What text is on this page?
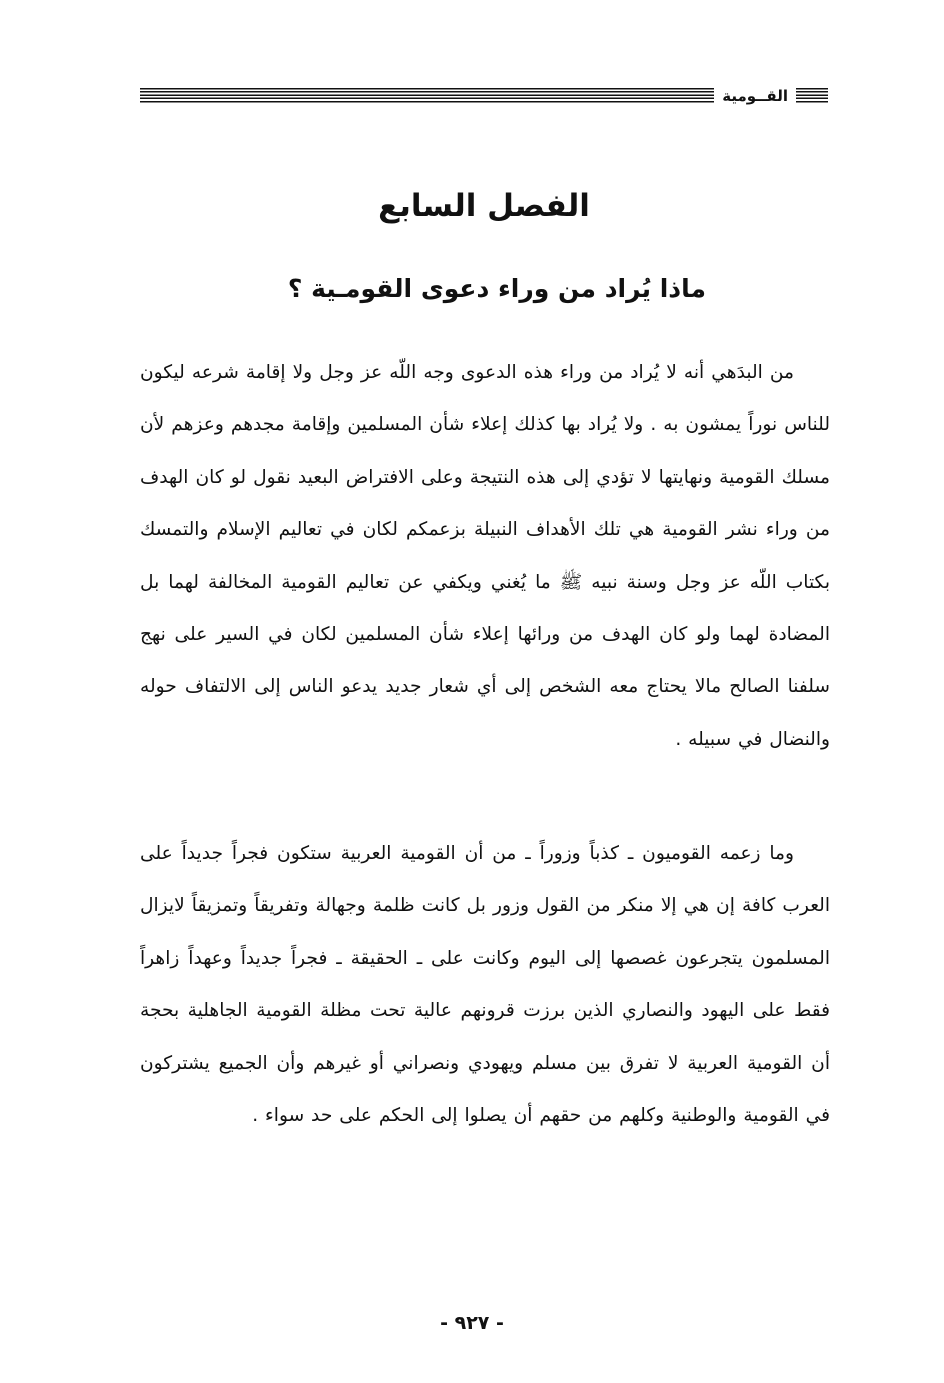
القــومية
الفصل السابع
ماذا يُراد من وراء دعوى القومـية ؟

من البدَهي أنه لا يُراد من وراء هذه الدعوى وجه اللّه عز وجل ولا إقامة شرعه ليكون للناس نوراً يمشون به . ولا يُراد بها كذلك إعلاء شأن المسلمين وإقامة مجدهم وعزهم لأن مسلك القومية ونهايتها لا تؤدي إلى هذه النتيجة وعلى الافتراض البعيد نقول لو كان الهدف من وراء نشر القومية هي تلك الأهداف النبيلة بزعمكم لكان في تعاليم الإسلام والتمسك بكتاب اللّه عز وجل وسنة نبيه ﷺ ما يُغني ويكفي عن تعاليم القومية المخالفة لهما بل المضادة لهما ولو كان الهدف من ورائها إعلاء شأن المسلمين لكان في السير على نهج سلفنا الصالح مالا يحتاج معه الشخص إلى أي شعار جديد يدعو الناس إلى الالتفاف حوله والنضال في سبيله .

وما زعمه القوميون ـ كذباً وزوراً ـ من أن القومية العربية ستكون فجراً جديداً على العرب كافة إن هي إلا منكر من القول وزور بل كانت ظلمة وجهالة وتفريقاً وتمزيقاً لايزال المسلمون يتجرعون غصصها إلى اليوم وكانت على ـ الحقيقة ـ فجراً جديداً وعهداً زاهراً فقط على اليهود والنصاري الذين برزت قرونهم عالية تحت مظلة القومية الجاهلية بحجة أن القومية العربية لا تفرق بين مسلم ويهودي ونصراني أو غيرهم وأن الجميع يشتركون في القومية والوطنية وكلهم من حقهم أن يصلوا إلى الحكم على حد سواء .

- ٩٢٧ -
